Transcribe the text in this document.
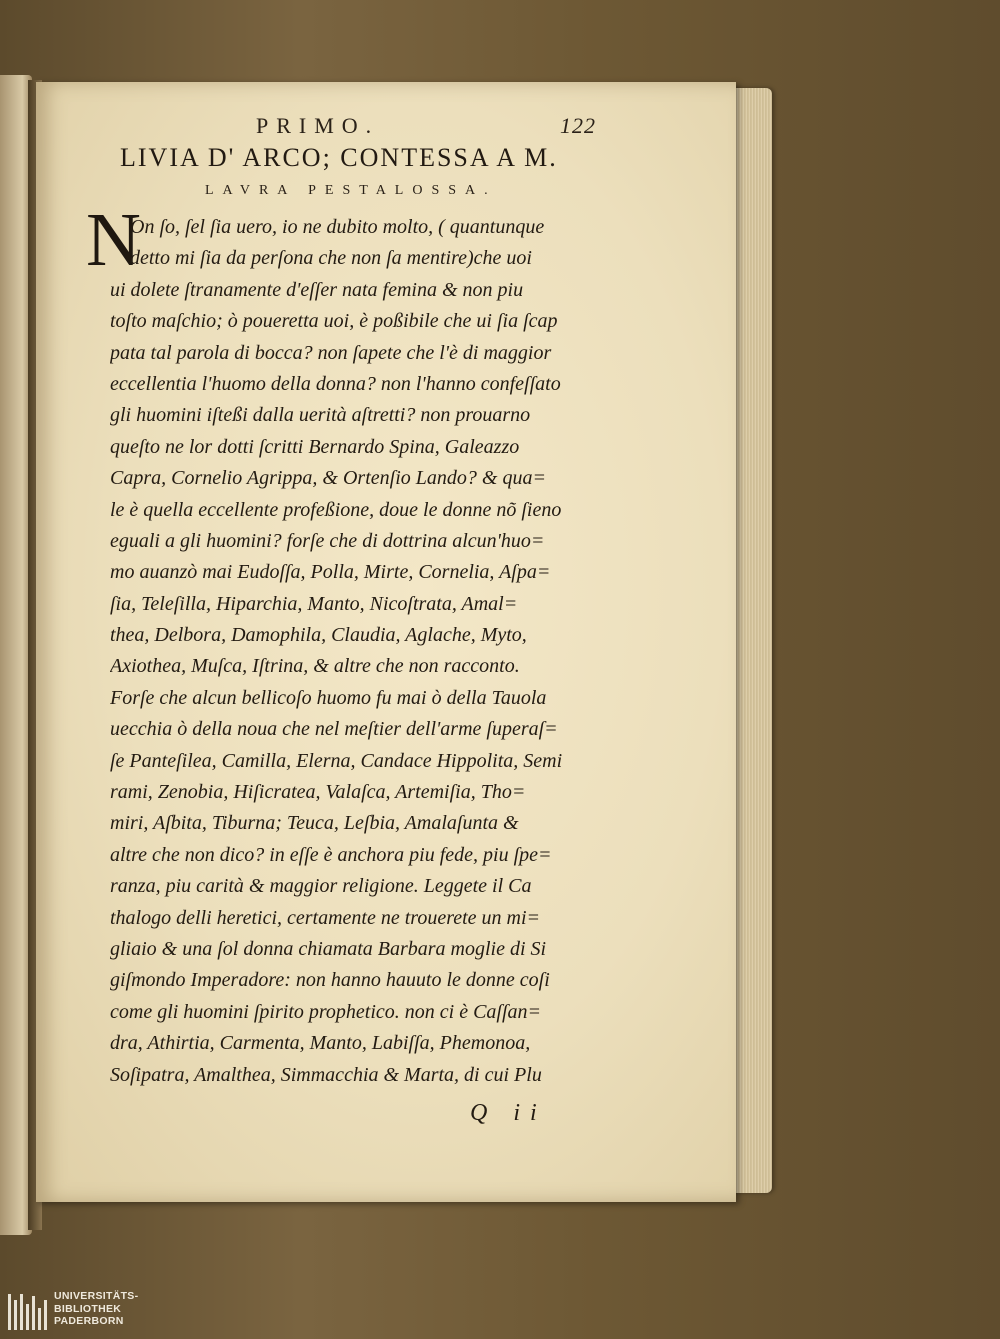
PRIMO.	122
LIVIA D' ARCO; CONTESSA A M.
LAVRA PESTALOSSA.
N
On ſo, ſel ſia uero, io ne dubito molto, ( quantunque
detto mi ſia da perſona che non ſa mentire)che uoi
ui dolete ſtranamente d'eſſer nata femina & non piu
toſto maſchio; ò poueretta uoi, è poßibile che ui ſia ſcap
pata tal parola di bocca? non ſapete che l'è di maggior
eccellentia l'huomo della donna? non l'hanno confeſſato
gli huomini iſteßi dalla uerità aſtretti? non prouarno
queſto ne lor dotti ſcritti Bernardo Spina, Galeazzo
Capra, Cornelio Agrippa, & Ortenſio Lando? & qua=
le è quella eccellente profeßione, doue le donne nõ ſieno
eguali a gli huomini? forſe che di dottrina alcun'huo=
mo auanzò mai Eudoſſa, Polla, Mirte, Cornelia, Aſpa=
ſia, Teleſilla, Hiparchia, Manto, Nicoſtrata, Amal=
thea, Delbora, Damophila, Claudia, Aglache, Myto,
Axiothea, Muſca, Iſtrina, & altre che non racconto.
Forſe che alcun bellicoſo huomo fu mai ò della Tauola
uecchia ò della noua che nel meſtier dell'arme ſuperaſ=
ſe Panteſilea, Camilla, Elerna, Candace Hippolita, Semi
rami, Zenobia, Hiſicratea, Valaſca, Artemiſia, Tho=
miri, Aſbita, Tiburna; Teuca, Leſbia, Amalaſunta &
altre che non dico? in eſſe è anchora piu fede, piu ſpe=
ranza, piu carità & maggior religione. Leggete il Ca
thalogo delli heretici, certamente ne trouerete un mi=
gliaio & una ſol donna chiamata Barbara moglie di Si
giſmondo Imperadore: non hanno hauuto le donne coſi
come gli huomini ſpirito prophetico. non ci è Caſſan=
dra, Athirtia, Carmenta, Manto, Labiſſa, Phemonoa,
Soſipatra, Amalthea, Simmacchia & Marta, di cui Plu
Q ii
UNIVERSITÄTS-
BIBLIOTHEK
PADERBORN
